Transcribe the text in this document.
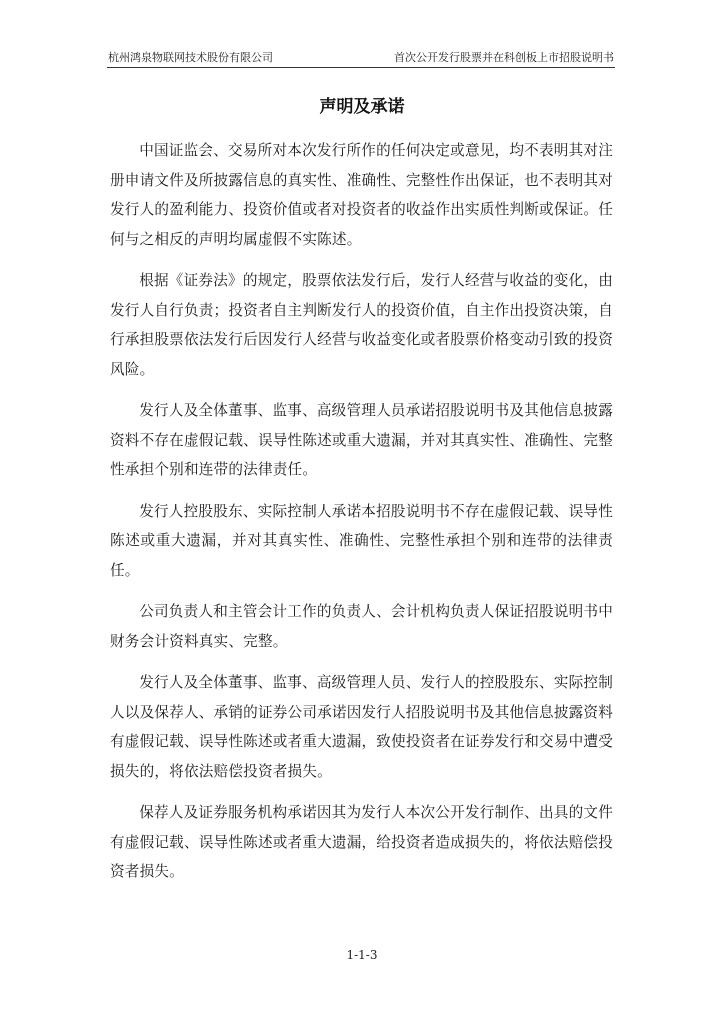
杭州鸿泉物联网技术股份有限公司	首次公开发行股票并在科创板上市招股说明书
声明及承诺

中国证监会、交易所对本次发行所作的任何决定或意见，均不表明其对注册申请文件及所披露信息的真实性、准确性、完整性作出保证，也不表明其对发行人的盈利能力、投资价值或者对投资者的收益作出实质性判断或保证。任何与之相反的声明均属虚假不实陈述。

根据《证券法》的规定，股票依法发行后，发行人经营与收益的变化，由发行人自行负责；投资者自主判断发行人的投资价值，自主作出投资决策，自行承担股票依法发行后因发行人经营与收益变化或者股票价格变动引致的投资风险。

发行人及全体董事、监事、高级管理人员承诺招股说明书及其他信息披露资料不存在虚假记载、误导性陈述或重大遗漏，并对其真实性、准确性、完整性承担个别和连带的法律责任。

发行人控股股东、实际控制人承诺本招股说明书不存在虚假记载、误导性陈述或重大遗漏，并对其真实性、准确性、完整性承担个别和连带的法律责任。

公司负责人和主管会计工作的负责人、会计机构负责人保证招股说明书中财务会计资料真实、完整。

发行人及全体董事、监事、高级管理人员、发行人的控股股东、实际控制人以及保荐人、承销的证券公司承诺因发行人招股说明书及其他信息披露资料有虚假记载、误导性陈述或者重大遗漏，致使投资者在证券发行和交易中遭受损失的，将依法赔偿投资者损失。

保荐人及证券服务机构承诺因其为发行人本次公开发行制作、出具的文件有虚假记载、误导性陈述或者重大遗漏，给投资者造成损失的，将依法赔偿投资者损失。

1-1-3
